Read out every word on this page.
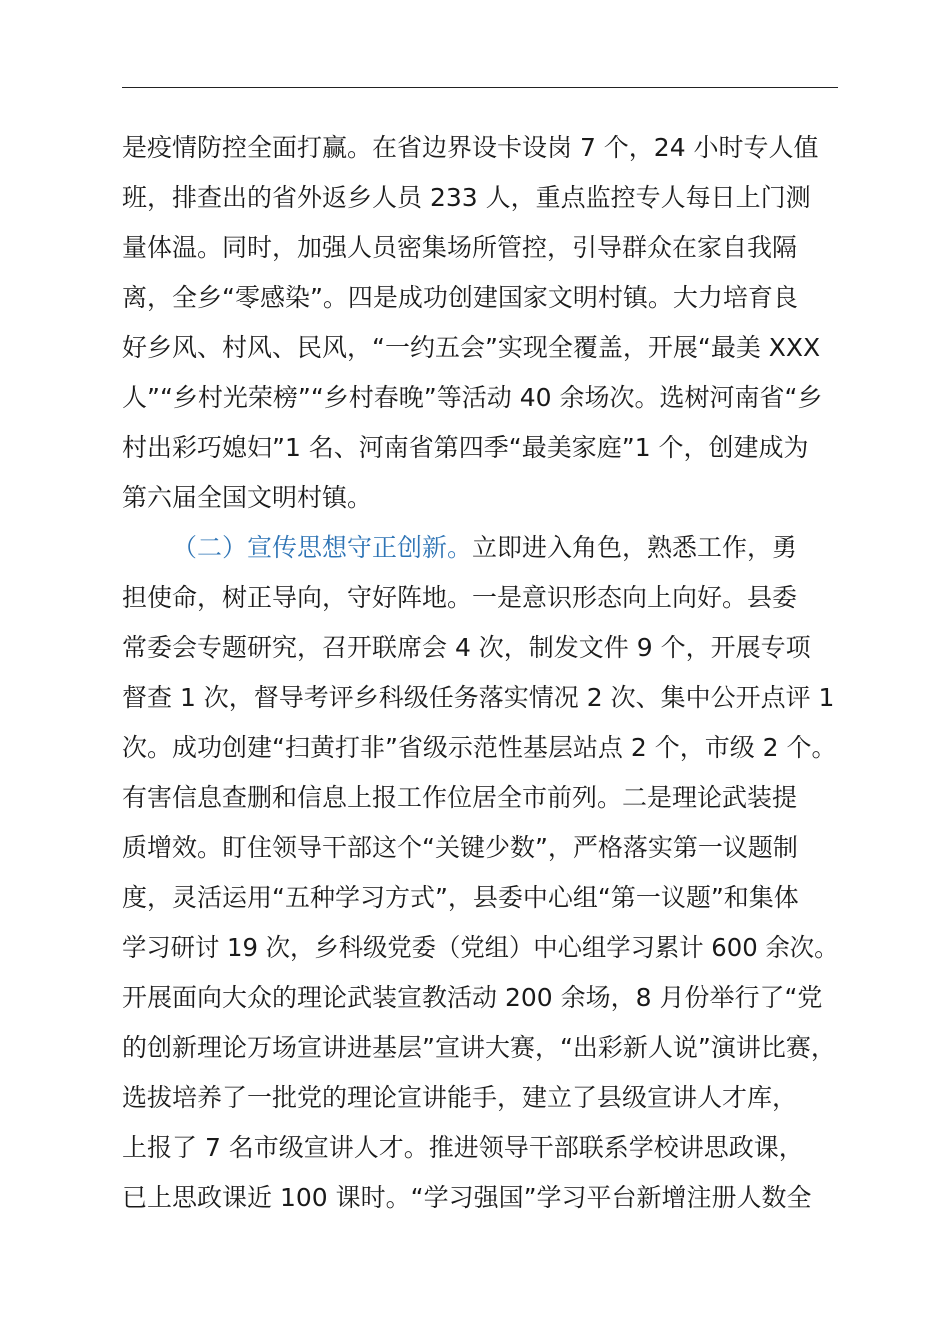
是疫情防控全面打赢。在省边界设卡设岗 7 个，24 小时专人值
班，排查出的省外返乡人员 233 人，重点监控专人每日上门测
量体温。同时，加强人员密集场所管控，引导群众在家自我隔
离，全乡“零感染”。四是成功创建国家文明村镇。大力培育良
好乡风、村风、民风，“一约五会”实现全覆盖，开展“最美 XXX
人”“乡村光荣榜”“乡村春晚”等活动 40 余场次。选树河南省“乡
村出彩巧媳妇”1 名、河南省第四季“最美家庭”1 个，创建成为
第六届全国文明村镇。
（二）宣传思想守正创新。立即进入角色，熟悉工作，勇
担使命，树正导向，守好阵地。一是意识形态向上向好。县委
常委会专题研究，召开联席会 4 次，制发文件 9 个，开展专项
督查 1 次，督导考评乡科级任务落实情况 2 次、集中公开点评 1
次。成功创建“扫黄打非”省级示范性基层站点 2 个，市级 2 个。
有害信息查删和信息上报工作位居全市前列。二是理论武装提
质增效。盯住领导干部这个“关键少数”，严格落实第一议题制
度，灵活运用“五种学习方式”，县委中心组“第一议题”和集体
学习研讨 19 次，乡科级党委（党组）中心组学习累计 600 余次。
开展面向大众的理论武装宣教活动 200 余场，8 月份举行了“党
的创新理论万场宣讲进基层”宣讲大赛，“出彩新人说”演讲比赛，
选拔培养了一批党的理论宣讲能手，建立了县级宣讲人才库，
上报了 7 名市级宣讲人才。推进领导干部联系学校讲思政课，
已上思政课近 100 课时。“学习强国”学习平台新增注册人数全
